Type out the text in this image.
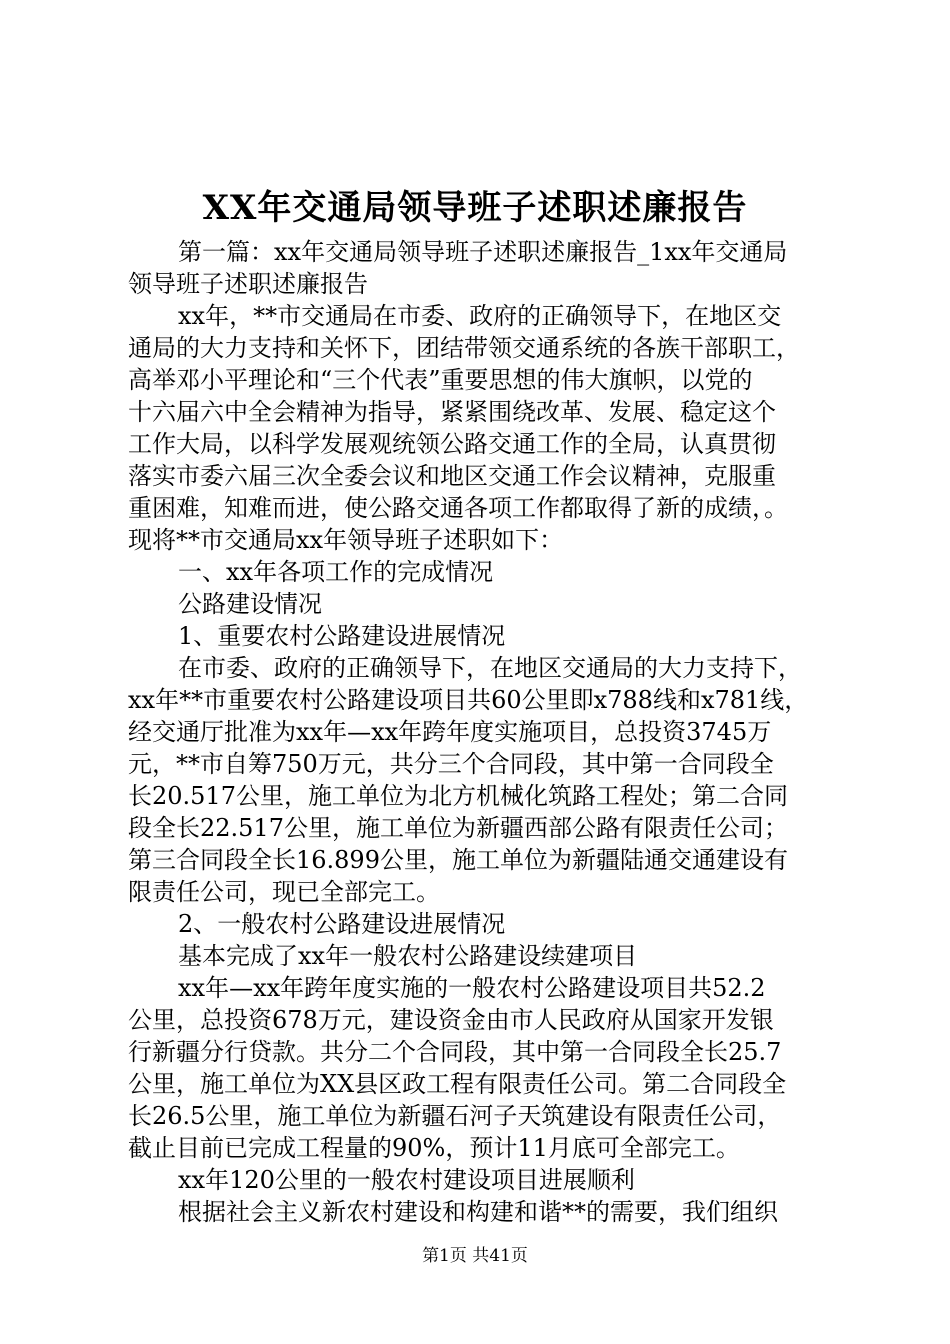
XX年交通局领导班子述职述廉报告
第一篇：xx年交通局领导班子述职述廉报告_1xx年交通局
领导班子述职述廉报告
xx年，**市交通局在市委、政府的正确领导下，在地区交
通局的大力支持和关怀下，团结带领交通系统的各族干部职工，
高举邓小平理论和“三个代表”重要思想的伟大旗帜，以党的
十六届六中全会精神为指导，紧紧围绕改革、发展、稳定这个
工作大局，以科学发展观统领公路交通工作的全局，认真贯彻
落实市委六届三次全委会议和地区交通工作会议精神，克服重
重困难，知难而进，使公路交通各项工作都取得了新的成绩，。
现将**市交通局xx年领导班子述职如下：
一、xx年各项工作的完成情况
公路建设情况
1、重要农村公路建设进展情况
在市委、政府的正确领导下，在地区交通局的大力支持下，
xx年**市重要农村公路建设项目共60公里即x788线和x781线，
经交通厅批准为xx年—xx年跨年度实施项目，总投资3745万
元，**市自筹750万元，共分三个合同段，其中第一合同段全
长20.517公里，施工单位为北方机械化筑路工程处；第二合同
段全长22.517公里，施工单位为新疆西部公路有限责任公司；
第三合同段全长16.899公里，施工单位为新疆陆通交通建设有
限责任公司，现已全部完工。
2、一般农村公路建设进展情况
基本完成了xx年一般农村公路建设续建项目
xx年—xx年跨年度实施的一般农村公路建设项目共52.2
公里，总投资678万元，建设资金由市人民政府从国家开发银
行新疆分行贷款。共分二个合同段，其中第一合同段全长25.7
公里，施工单位为XX县区政工程有限责任公司。第二合同段全
长26.5公里，施工单位为新疆石河子天筑建设有限责任公司，
截止目前已完成工程量的90%，预计11月底可全部完工。
xx年120公里的一般农村建设项目进展顺利
根据社会主义新农村建设和构建和谐**的需要，我们组织
第1页 共41页
